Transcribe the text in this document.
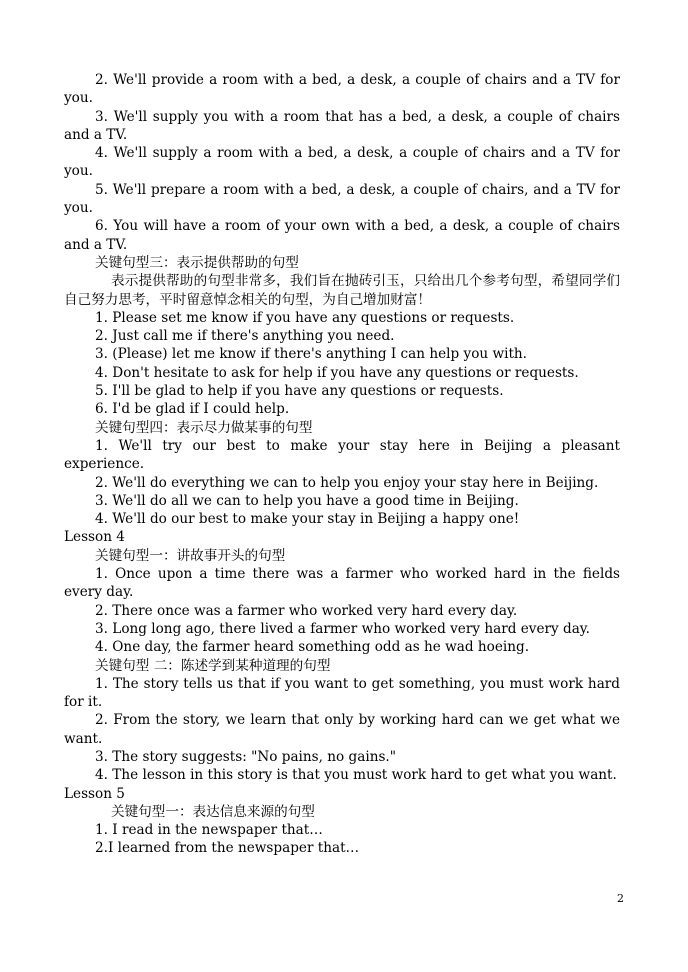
2. We'll provide a room with a bed, a desk, a couple of chairs and a TV for you.

3. We'll supply you with a room that has a bed, a desk, a couple of chairs and a TV.

4. We'll supply a room with a bed, a desk, a couple of chairs and a TV for you.

5. We'll prepare a room with a bed, a desk, a couple of chairs, and a TV for you.

6. You will have a room of your own with a bed, a desk, a couple of chairs and a TV.

关键句型三：表示提供帮助的句型

表示提供帮助的句型非常多，我们旨在抛砖引玉，只给出几个参考句型，希望同学们自己努力思考，平时留意悼念相关的句型，为自己增加财富！

1. Please set me know if you have any questions or requests.

2. Just call me if there's anything you need.

3. (Please) let me know if there's anything I can help you with.

4. Don't hesitate to ask for help if you have any questions or requests.

5. I'll be glad to help if you have any questions or requests.

6. I'd be glad if I could help.

关键句型四：表示尽力做某事的句型

1. We'll try our best to make your stay here in Beijing a pleasant experience.

2. We'll do everything we can to help you enjoy your stay here in Beijing.

3. We'll do all we can to help you have a good time in Beijing.

4. We'll do our best to make your stay in Beijing a happy one!

Lesson 4

关键句型一：讲故事开头的句型

1. Once upon a time there was a farmer who worked hard in the fields every day.

2. There once was a farmer who worked very hard every day.

3. Long long ago, there lived a farmer who worked very hard every day.

4. One day, the farmer heard something odd as he wad hoeing.

关键句型 二：陈述学到某种道理的句型

1. The story tells us that if you want to get something, you must work hard for it.

2. From the story, we learn that only by working hard can we get what we want.

3. The story suggests: "No pains, no gains."

4. The lesson in this story is that you must work hard to get what you want.

Lesson 5

关键句型一：表达信息来源的句型

1. I read in the newspaper that…

2.I learned from the newspaper that…

2
